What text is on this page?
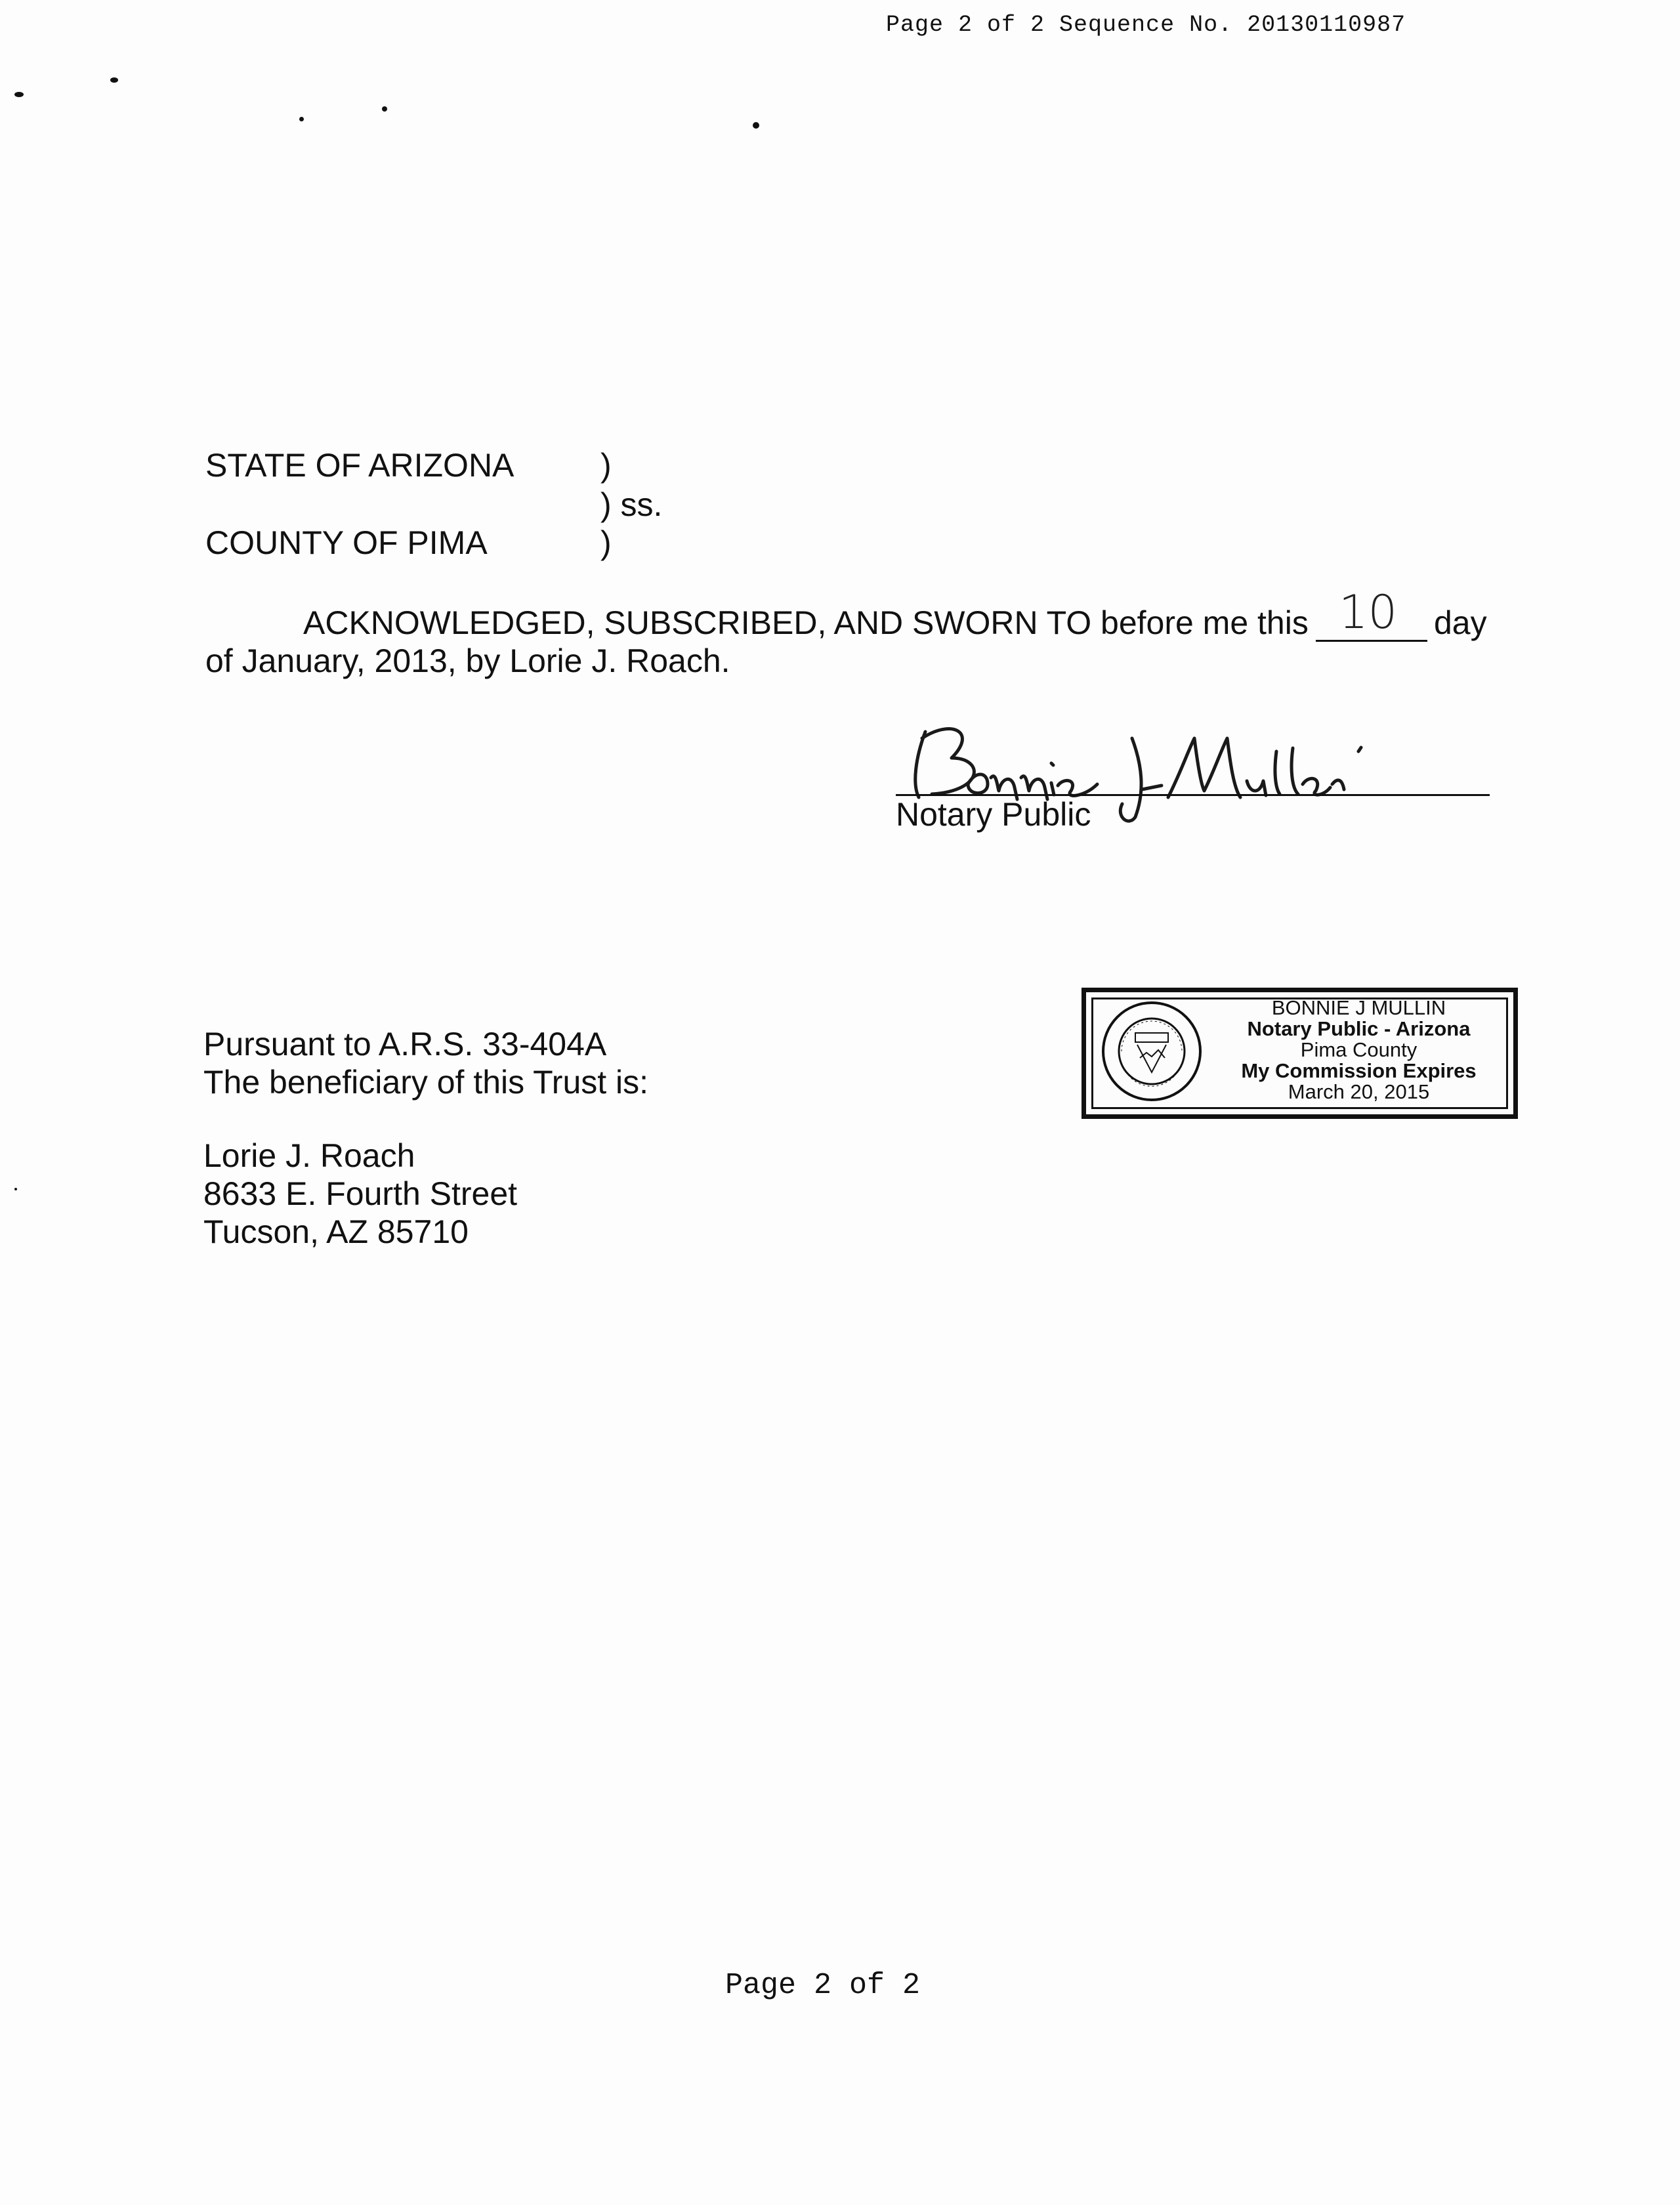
Page 2 of 2 Sequence No. 20130110987
STATE OF ARIZONA	)
) ss.
COUNTY OF PIMA	)
ACKNOWLEDGED, SUBSCRIBED, AND SWORN TO before me this 10 day
of January, 2013, by Lorie J. Roach.
Notary Public
BONNIE J MULLIN
Notary Public - Arizona
Pima County
My Commission Expires
March 20, 2015
Pursuant to A.R.S. 33-404A
The beneficiary of this Trust is:
Lorie J. Roach
8633 E. Fourth Street
Tucson, AZ 85710
Page 2 of 2
